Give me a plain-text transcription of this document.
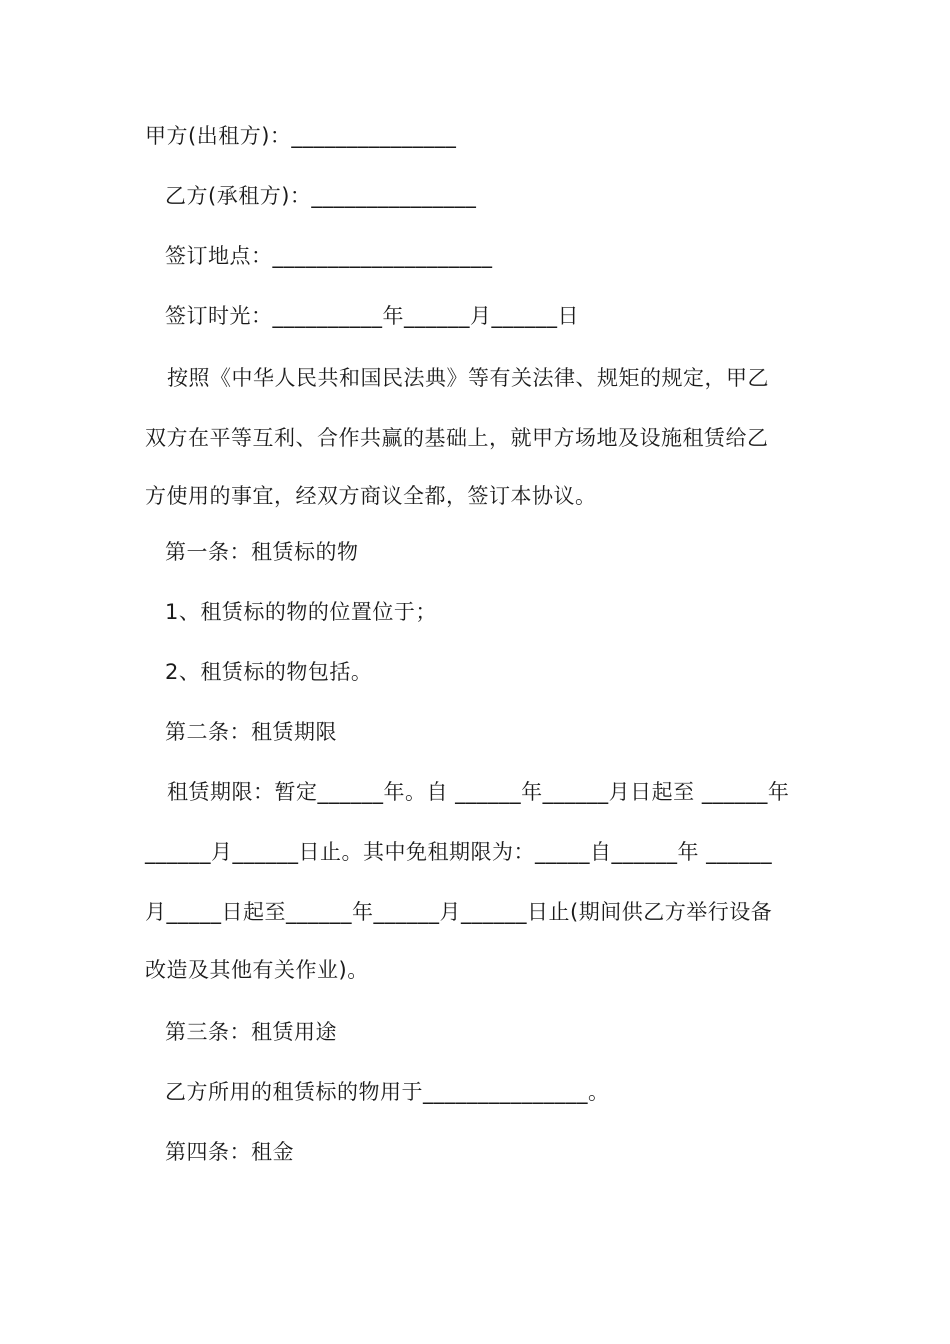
甲方(出租方)：_______________
乙方(承租方)：_______________
签订地点：____________________
签订时光：__________年______月______日
按照《中华人民共和国民法典》等有关法律、规矩的规定，甲乙
双方在平等互利、合作共赢的基础上，就甲方场地及设施租赁给乙
方使用的事宜，经双方商议全都，签订本协议。
第一条：租赁标的物
1、租赁标的物的位置位于；
2、租赁标的物包括。
第二条：租赁期限
租赁期限：暂定______年。自 ______年______月日起至 ______年
______月______日止。其中免租期限为：_____自______年 ______
月_____日起至______年______月______日止(期间供乙方举行设备
改造及其他有关作业)。
第三条：租赁用途
乙方所用的租赁标的物用于_______________。
第四条：租金
